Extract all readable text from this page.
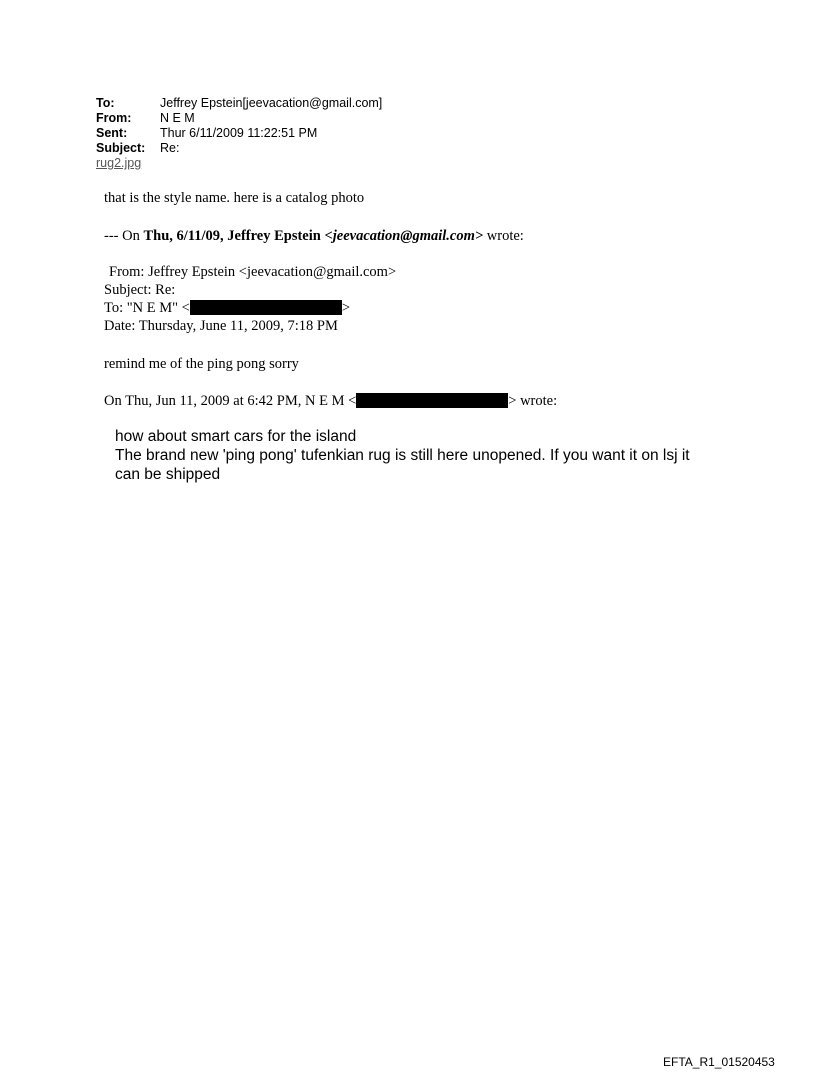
To:	Jeffrey Epstein[jeevacation@gmail.com]
From:	N E M
Sent:	Thur 6/11/2009 11:22:51 PM
Subject:	Re:
rug2.jpg
that is the style name. here is a catalog photo
--- On Thu, 6/11/09, Jeffrey Epstein <jeevacation@gmail.com> wrote:
From: Jeffrey Epstein <jeevacation@gmail.com>
Subject: Re:
To: "N E M" <	>
Date: Thursday, June 11, 2009, 7:18 PM
remind me of the ping pong sorry
On Thu, Jun 11, 2009 at 6:42 PM, N E M <	> wrote:
how about smart cars for the island
The brand new 'ping pong' tufenkian rug is still here unopened. If you want it on lsj it
can be shipped
EFTA_R1_01520453
